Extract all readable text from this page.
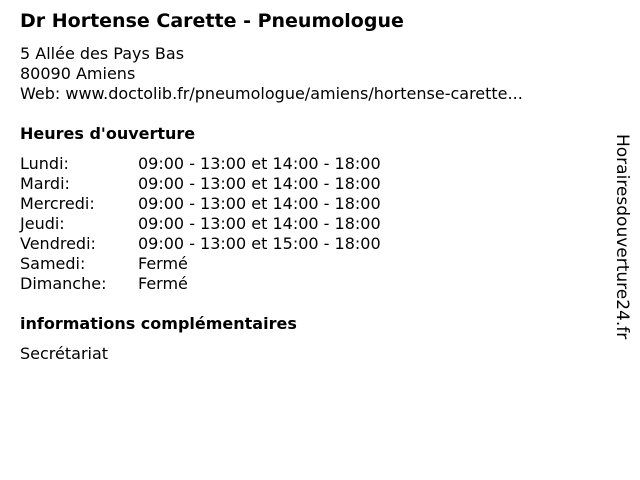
Dr Hortense Carette - Pneumologue
5 Allée des Pays Bas
80090 Amiens
Web: www.doctolib.fr/pneumologue/amiens/hortense-carette...
Heures d'ouverture
Lundi:	09:00 - 13:00 et 14:00 - 18:00
Mardi:	09:00 - 13:00 et 14:00 - 18:00
Mercredi:	09:00 - 13:00 et 14:00 - 18:00
Jeudi:	09:00 - 13:00 et 14:00 - 18:00
Vendredi:	09:00 - 13:00 et 15:00 - 18:00
Samedi:	Fermé
Dimanche:	Fermé
informations complémentaires
Secrétariat
Horairesdouverture24.fr
